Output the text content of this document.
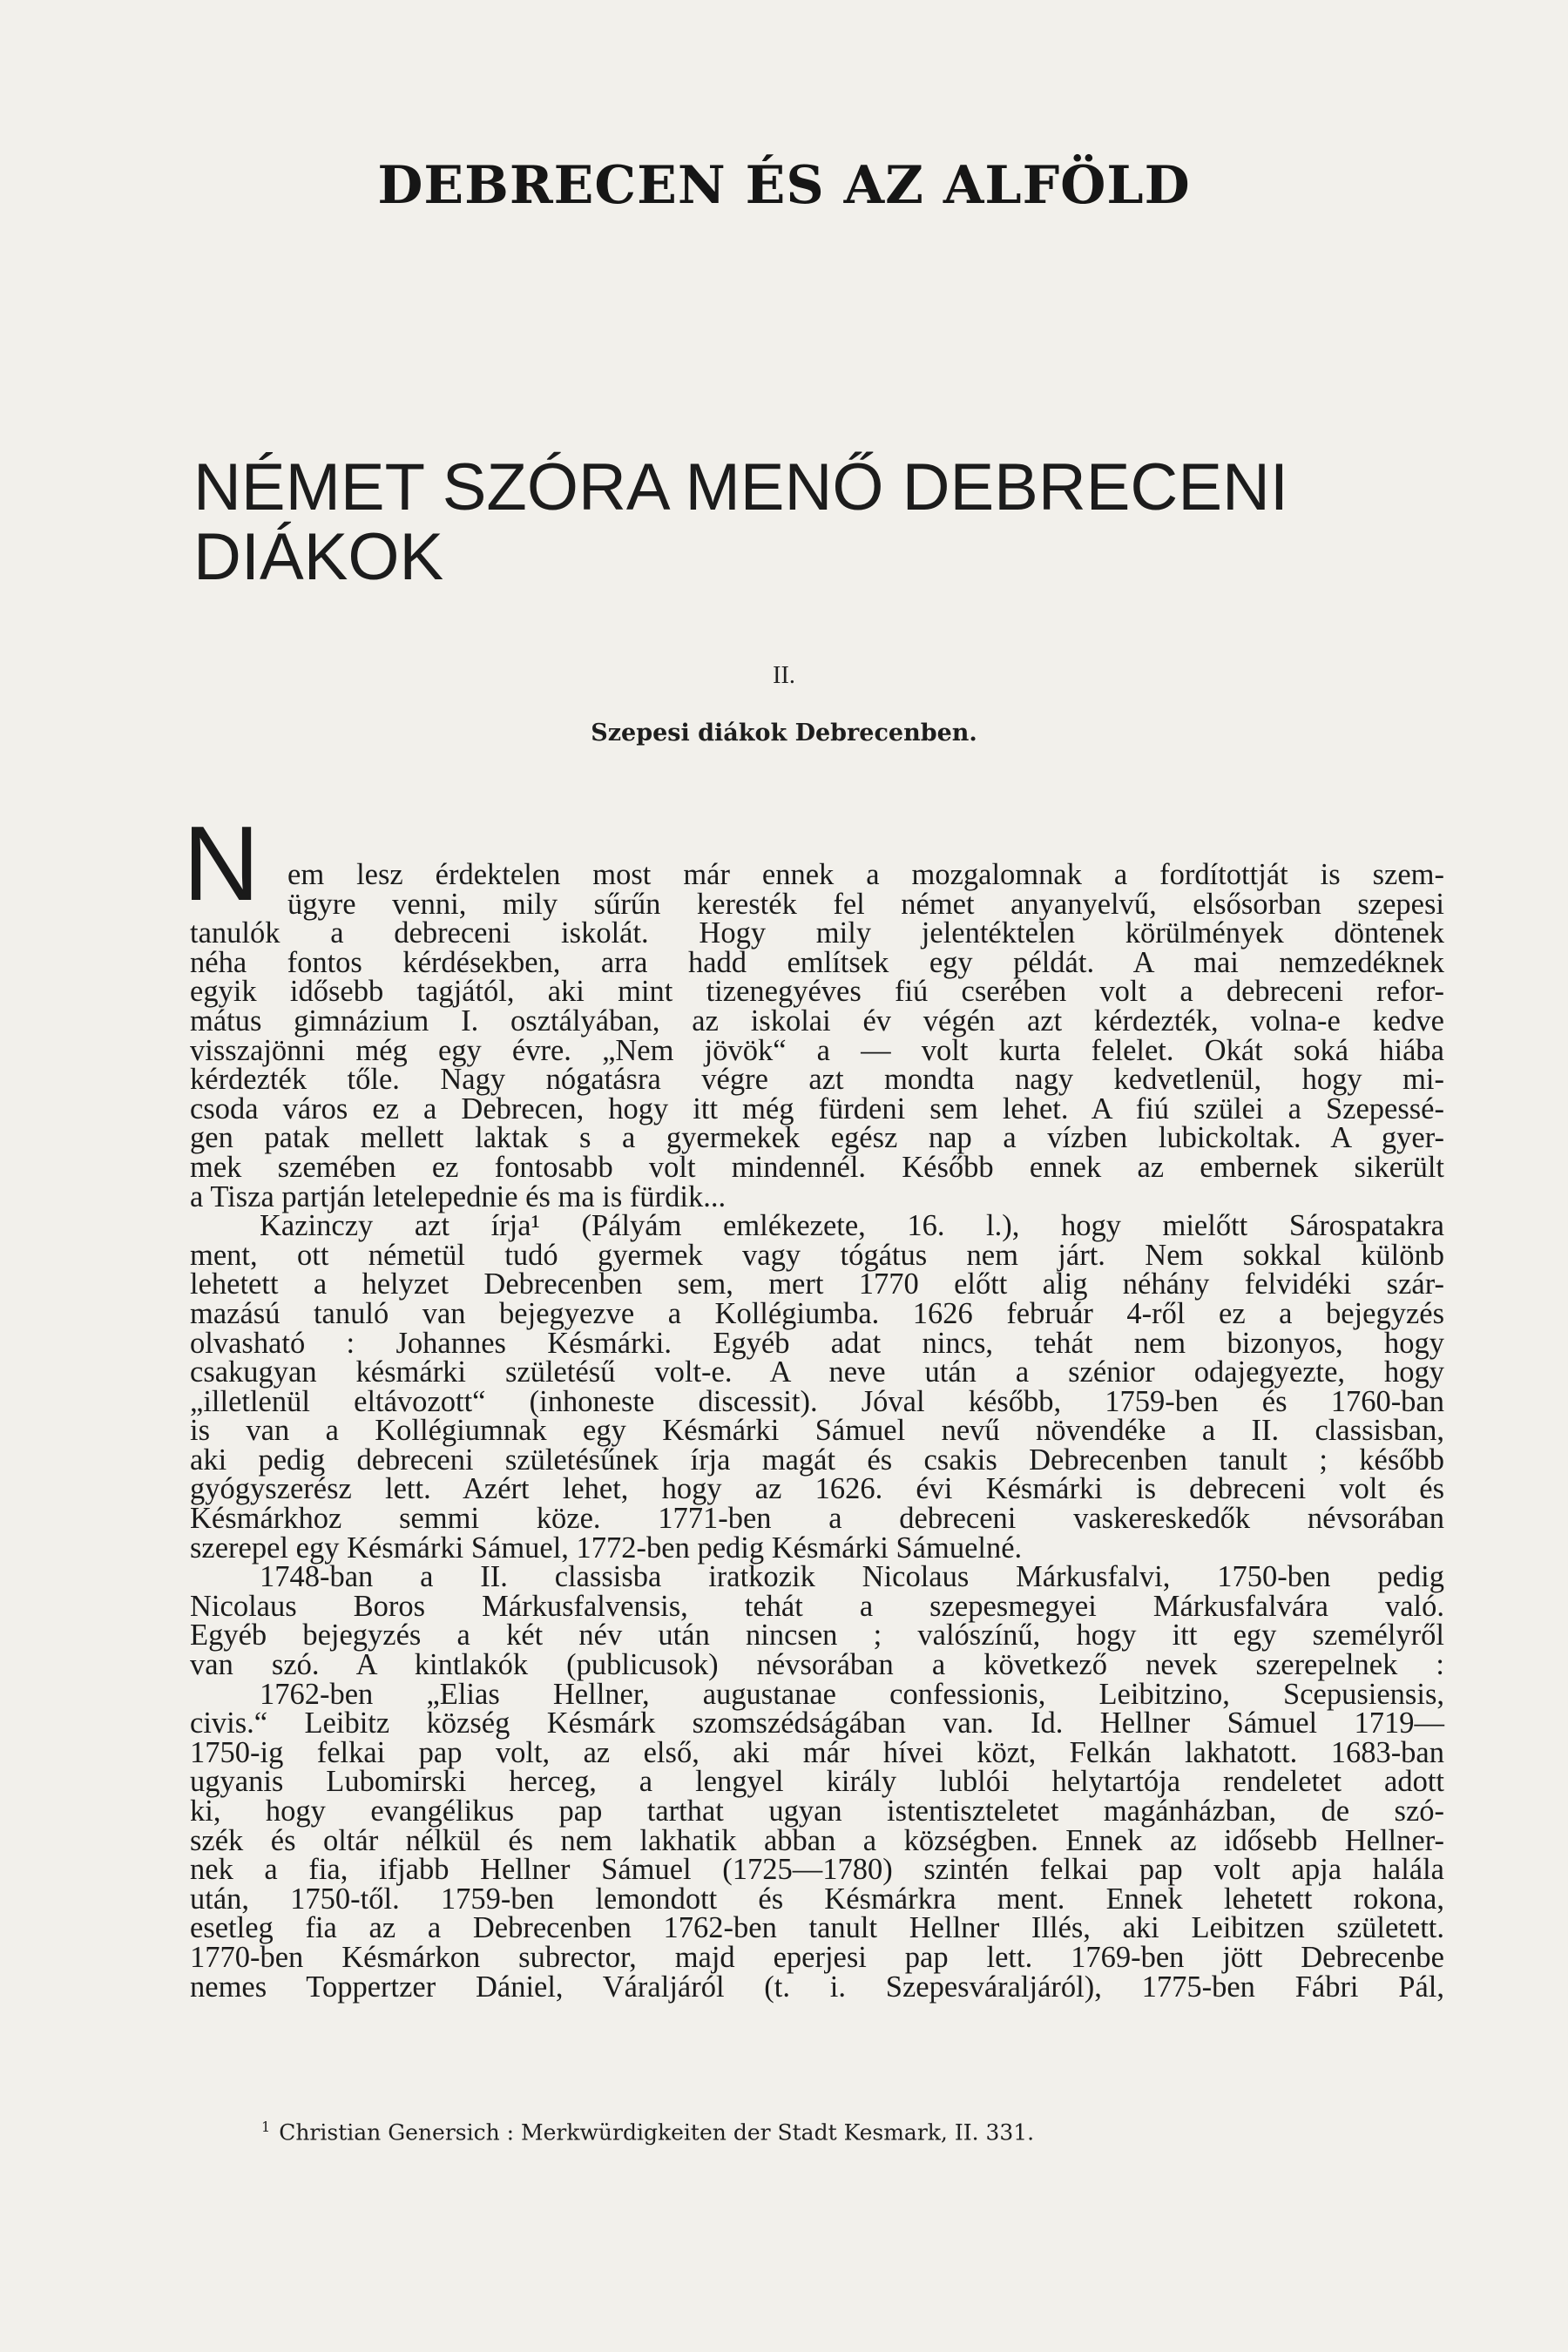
DEBRECEN ÉS AZ ALFÖLD
NÉMET SZÓRA MENŐ DEBRECENI
DIÁKOK
II.
Szepesi diákok Debrecenben.
N em lesz érdektelen most már ennek a mozgalomnak a fordítottját is szem-
ügyre venni, mily sűrűn keresték fel német anyanyelvű, elsősorban szepesi
tanulók a debreceni iskolát. Hogy mily jelentéktelen körülmények döntenek
néha fontos kérdésekben, arra hadd említsek egy példát. A mai nemzedéknek
egyik idősebb tagjától, aki mint tizenegyéves fiú cserében volt a debreceni refor-
mátus gimnázium I. osztályában, az iskolai év végén azt kérdezték, volna-e kedve
visszajönni még egy évre. „Nem jövök“ a — volt kurta felelet. Okát soká hiába
kérdezték tőle. Nagy nógatásra végre azt mondta nagy kedvetlenül, hogy mi-
csoda város ez a Debrecen, hogy itt még fürdeni sem lehet. A fiú szülei a Szepessé-
gen patak mellett laktak s a gyermekek egész nap a vízben lubickoltak. A gyer-
mek szemében ez fontosabb volt mindennél. Később ennek az embernek sikerült
a Tisza partján letelepednie és ma is fürdik...
Kazinczy azt írja¹ (Pályám emlékezete, 16. l.), hogy mielőtt Sárospatakra
ment, ott németül tudó gyermek vagy tógátus nem járt. Nem sokkal különb
lehetett a helyzet Debrecenben sem, mert 1770 előtt alig néhány felvidéki szár-
mazású tanuló van bejegyezve a Kollégiumba. 1626 február 4-ről ez a bejegyzés
olvasható : Johannes Késmárki. Egyéb adat nincs, tehát nem bizonyos, hogy
csakugyan késmárki születésű volt-e. A neve után a szénior odajegyezte, hogy
„illetlenül eltávozott“ (inhoneste discessit). Jóval később, 1759-ben és 1760-ban
is van a Kollégiumnak egy Késmárki Sámuel nevű növendéke a II. classisban,
aki pedig debreceni születésűnek írja magát és csakis Debrecenben tanult ; később
gyógyszerész lett. Azért lehet, hogy az 1626. évi Késmárki is debreceni volt és
Késmárkhoz semmi köze. 1771-ben a debreceni vaskereskedők névsorában
szerepel egy Késmárki Sámuel, 1772-ben pedig Késmárki Sámuelné.
1748-ban a II. classisba iratkozik Nicolaus Márkusfalvi, 1750-ben pedig
Nicolaus Boros Márkusfalvensis, tehát a szepesmegyei Márkusfalvára való.
Egyéb bejegyzés a két név után nincsen ; valószínű, hogy itt egy személyről
van szó. A kintlakók (publicusok) névsorában a következő nevek szerepelnek :
1762-ben „Elias Hellner, augustanae confessionis, Leibitzino, Scepusiensis,
civis.“ Leibitz község Késmárk szomszédságában van. Id. Hellner Sámuel 1719—
1750-ig felkai pap volt, az első, aki már hívei közt, Felkán lakhatott. 1683-ban
ugyanis Lubomirski herceg, a lengyel király lublói helytartója rendeletet adott
ki, hogy evangélikus pap tarthat ugyan istentiszteletet magánházban, de szó-
szék és oltár nélkül és nem lakhatik abban a községben. Ennek az idősebb Hellner-
nek a fia, ifjabb Hellner Sámuel (1725—1780) szintén felkai pap volt apja halála
után, 1750-től. 1759-ben lemondott és Késmárkra ment. Ennek lehetett rokona,
esetleg fia az a Debrecenben 1762-ben tanult Hellner Illés, aki Leibitzen született.
1770-ben Késmárkon subrector, majd eperjesi pap lett. 1769-ben jött Debrecenbe
nemes Toppertzer Dániel, Váraljáról (t. i. Szepesváraljáról), 1775-ben Fábri Pál,
$^1$ Christian Genersich : Merkwürdigkeiten der Stadt Kesmark, II. 331.
